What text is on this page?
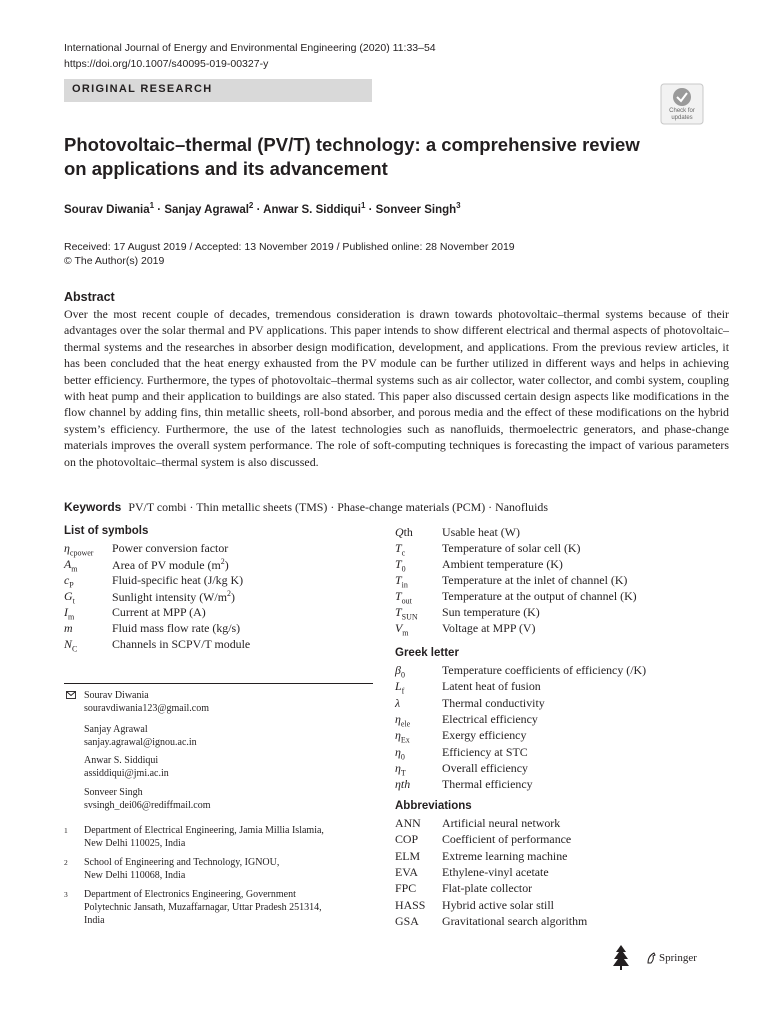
International Journal of Energy and Environmental Engineering (2020) 11:33–54
https://doi.org/10.1007/s40095-019-00327-y
ORIGINAL RESEARCH
Check for
updates
Photovoltaic–thermal (PV/T) technology: a comprehensive review
on applications and its advancement
Sourav Diwania$^1$ · Sanjay Agrawal$^2$ · Anwar S. Siddiqui$^1$ · Sonveer Singh$^3$
Received: 17 August 2019 / Accepted: 13 November 2019 / Published online: 28 November 2019
© The Author(s) 2019
Abstract
Over the most recent couple of decades, tremendous consideration is drawn towards photovoltaic–thermal systems because of their advantages over the solar thermal and PV applications. This paper intends to show different electrical and thermal aspects of photovoltaic–thermal systems and the researches in absorber design modification, development, and applications. From the previous review articles, it has been concluded that the heat energy exhausted from the PV module can be further utilized in different ways and helps in achieving better efficiency. Furthermore, the types of photovoltaic–thermal systems such as air collector, water collector, and combi system, coupling with heat pump and their application to buildings are also stated. This paper also discussed certain design aspects like modifications in the flow channel by adding fins, thin metallic sheets, roll-bond absorber, and porous media and the effect of these modifications on the hybrid system’s efficiency. Furthermore, the use of the latest technologies such as nanofluids, thermoelectric generators, and phase-change materials improves the overall system performance. The role of soft-computing techniques is forecasting the impact of various parameters on the photovoltaic–thermal system is also discussed.
Keywords PV/T combi · Thin metallic sheets (TMS) · Phase-change materials (PCM) · Nanofluids
List of symbols
$\eta_{cpower}$ Power conversion factor
$A_m$	Area of PV module $(m^2)$
$c_P$	Fluid-specific heat (J/kg K)
$G_t$	Sunlight intensity $(W/m^2)$
$I_m$	Current at MPP (A)
m	Fluid mass flow rate (kg/s)
$N_C$	Channels in SCPV/T module
Qth Usable heat (W)
$T_c$	Temperature of solar cell (K)
$T_0$	Ambient temperature (K)
$T_{in}$	Temperature at the inlet of channel (K)
$T_{out}$	Temperature at the output of channel (K)
$T_{SUN}$ Sun temperature (K)
$V_m$	Voltage at MPP (V)
Greek letter
$\beta_0$	Temperature coefficients of efficiency (/K)
$L_f$	Latent heat of fusion
λ	Thermal conductivity
$\eta_{ele}$	Electrical efficiency
$\eta_{Ex}$	Exergy efficiency
$\eta_0$	Efficiency at STC
$\eta_T$	Overall efficiency
ηth	Thermal efficiency
Abbreviations
ANN Artificial neural network
COP Coefficient of performance
ELM Extreme learning machine
EVA Ethylene-vinyl acetate
FPC Flat-plate collector
HASS Hybrid active solar still
GSA Gravitational search algorithm
Sourav Diwania
souravdiwania123@gmail.com
Sanjay Agrawal
sanjay.agrawal@ignou.ac.in
Anwar S. Siddiqui
assiddiqui@jmi.ac.in
Sonveer Singh
svsingh_dei06@rediffmail.com
1 Department of Electrical Engineering, Jamia Millia Islamia,
New Delhi 110025, India
2 School of Engineering and Technology, IGNOU,
New Delhi 110068, India
3 Department of Electronics Engineering, Government
Polytechnic Jansath, Muzaffarnagar, Uttar Pradesh 251314,
India
Springer
